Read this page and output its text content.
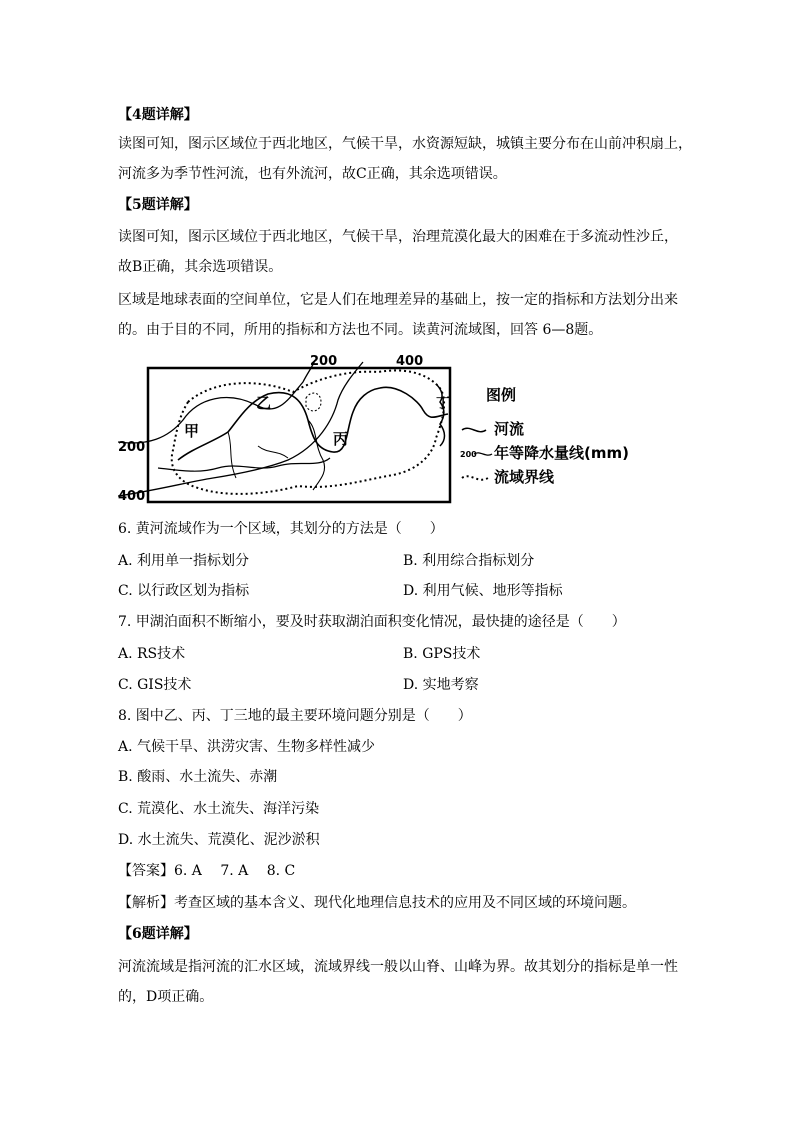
【4题详解】
读图可知，图示区域位于西北地区，气候干旱，水资源短缺，城镇主要分布在山前冲积扇上，
河流多为季节性河流，也有外流河，故C正确，其余选项错误。
【5题详解】
读图可知，图示区域位于西北地区，气候干旱，治理荒漠化最大的困难在于多流动性沙丘，
故B正确，其余选项错误。
区域是地球表面的空间单位，它是人们在地理差异的基础上，按一定的指标和方法划分出来
的。由于目的不同，所用的指标和方法也不同。读黄河流域图，回答 6—8题。
200	400
200
400
甲
乙
丙
丁 图例
河流
200 年等降水量线(mm)
流域界线
6. 黄河流域作为一个区域，其划分的方法是（　　）
A. 利用单一指标划分	B. 利用综合指标划分
C. 以行政区划为指标	D. 利用气候、地形等指标
7. 甲湖泊面积不断缩小，要及时获取湖泊面积变化情况，最快捷的途径是（　　）
A. RS技术	B. GPS技术
C. GIS技术	D. 实地考察
8. 图中乙、丙、丁三地的最主要环境问题分别是（　　）
A. 气候干旱、洪涝灾害、生物多样性减少
B. 酸雨、水土流失、赤潮
C. 荒漠化、水土流失、海洋污染
D. 水土流失、荒漠化、泥沙淤积
【答案】6. A　 7. A　 8. C
【解析】考查区域的基本含义、现代化地理信息技术的应用及不同区域的环境问题。
【6题详解】
河流流域是指河流的汇水区域，流域界线一般以山脊、山峰为界。故其划分的指标是单一性
的，D项正确。
